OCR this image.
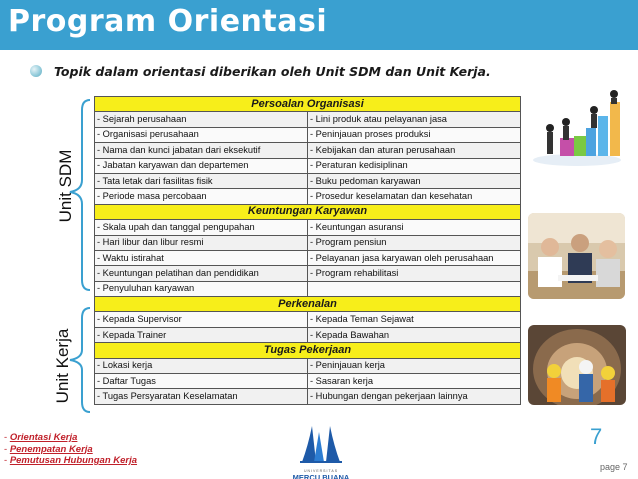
Program Orientasi
Topik dalam orientasi diberikan oleh Unit SDM dan Unit Kerja.
Unit SDM
Unit Kerja
Persoalan Organisasi	
- Sejarah perusahaan	- Lini produk atau pelayanan jasa
- Organisasi perusahaan	- Peninjauan proses produksi
- Nama dan kunci jabatan dari eksekutif	- Kebijakan dan aturan perusahaan
- Jabatan karyawan dan departemen	- Peraturan kedisiplinan
- Tata letak dari fasilitas fisik	- Buku pedoman karyawan
- Periode masa percobaan	- Prosedur keselamatan dan kesehatan
Keuntungan Karyawan	
- Skala upah dan tanggal pengupahan	- Keuntungan asuransi
- Hari libur dan libur resmi	- Program pensiun
- Waktu istirahat	- Pelayanan jasa karyawan oleh perusahaan
- Keuntungan pelatihan dan pendidikan	- Program rehabilitasi
- Penyuluhan karyawan	
Perkenalan	
- Kepada Supervisor	- Kepada Teman Sejawat
- Kepada Trainer	- Kepada Bawahan
Tugas Pekerjaan	
- Lokasi kerja	- Peninjauan kerja
- Daftar Tugas	- Sasaran kerja
- Tugas Persyaratan Keselamatan	- Hubungan dengan pekerjaan lainnya
- Orientasi Kerja
- Penempatan Kerja
- Pemutusan Hubungan Kerja
UNIVERSITAS
MERCU BUANA
7
page 7
